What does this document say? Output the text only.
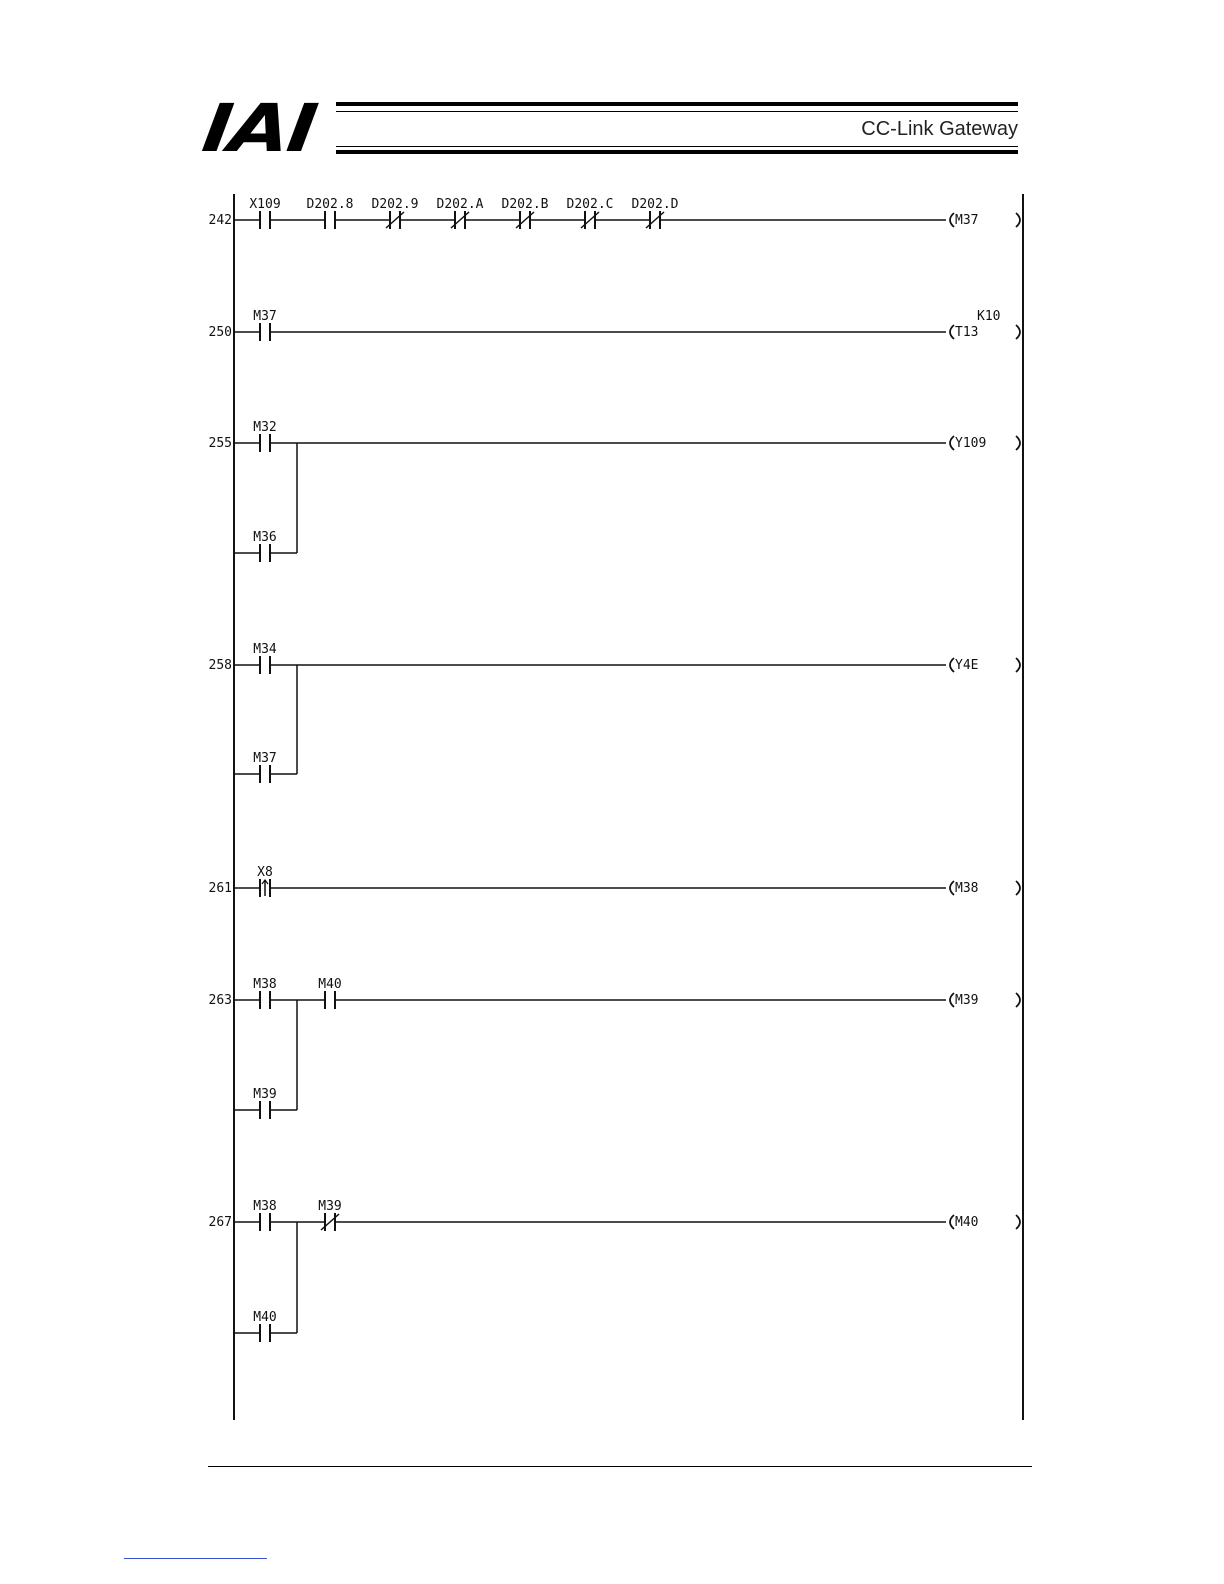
IAI	CC-Link Gateway
242
X109 D202.8 D202.9 D202.A D202.B D202.C D202.D
M37
250
M37
T13
K10
255
M32
M36
Y109
258
M34
M37
Y4E
261
X8
M38
263
M38	M40
M39
M39
267
M38	M39
M40
M40
